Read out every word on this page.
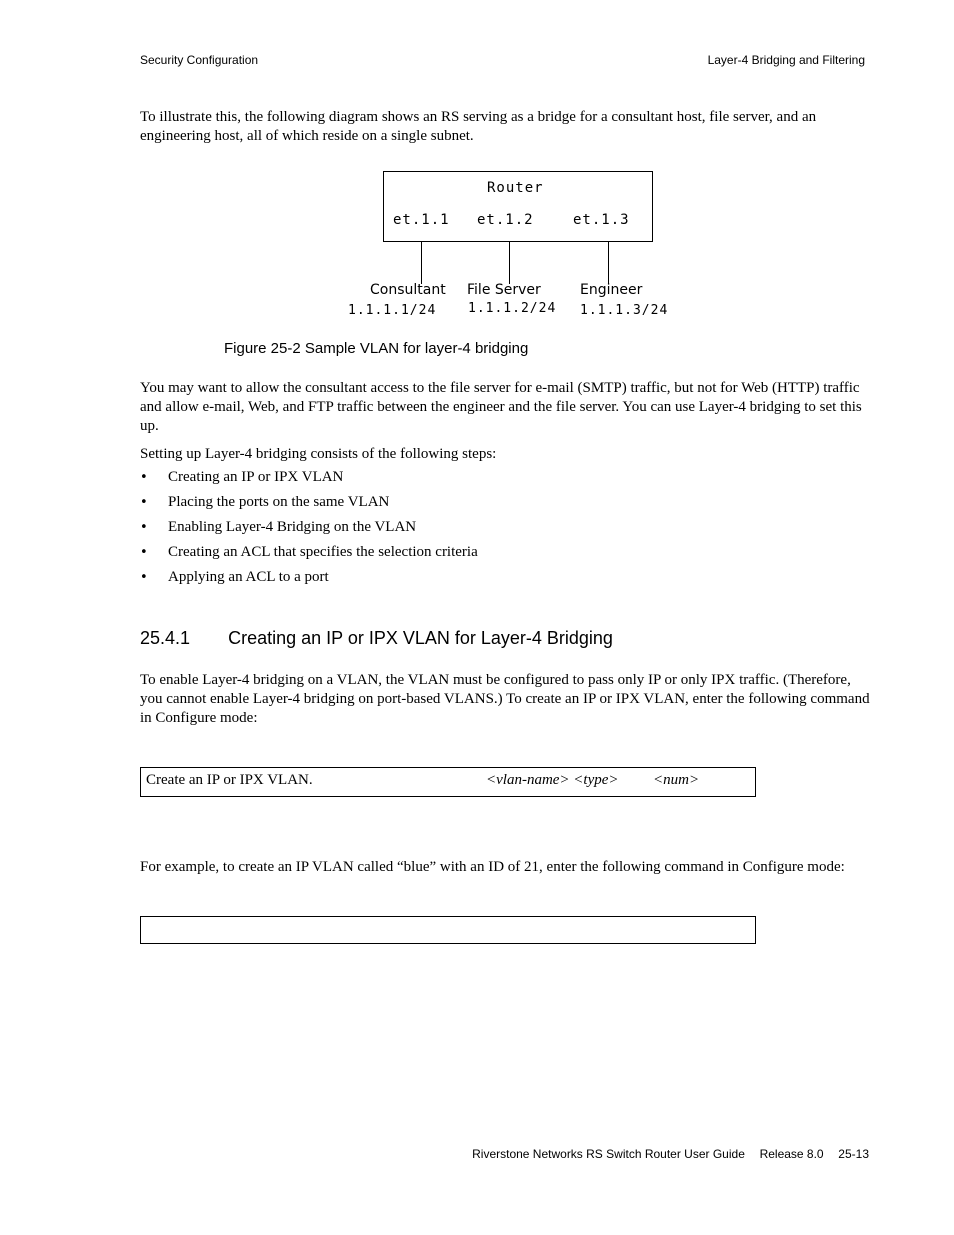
Security Configuration	Layer-4 Bridging and Filtering
To illustrate this, the following diagram shows an RS serving as a bridge for a consultant host, file server, and an engineering host, all of which reside on a single subnet.
Router
et.1.1 et.1.2	et.1.3
Consultant File Server	Engineer
1.1.1.1/24 1.1.1.2/24 1.1.1.3/24
Figure 25-2 Sample VLAN for layer-4 bridging
You may want to allow the consultant access to the file server for e-mail (SMTP) traffic, but not for Web (HTTP) traffic and allow e-mail, Web, and FTP traffic between the engineer and the file server. You can use Layer-4 bridging to set this up.
Setting up Layer-4 bridging consists of the following steps:
• Creating an IP or IPX VLAN
• Placing the ports on the same VLAN
• Enabling Layer-4 Bridging on the VLAN
• Creating an ACL that specifies the selection criteria
• Applying an ACL to a port
25.4.1 Creating an IP or IPX VLAN for Layer-4 Bridging
To enable Layer-4 bridging on a VLAN, the VLAN must be configured to pass only IP or only IPX traffic. (Therefore, you cannot enable Layer-4 bridging on port-based VLANS.) To create an IP or IPX VLAN, enter the following command in Configure mode:
Create an IP or IPX VLAN.	<vlan-name> <type> <num>
For example, to create an IP VLAN called “blue” with an ID of 21, enter the following command in Configure mode:
Riverstone Networks RS Switch Router User Guide Release 8.0 25-13
